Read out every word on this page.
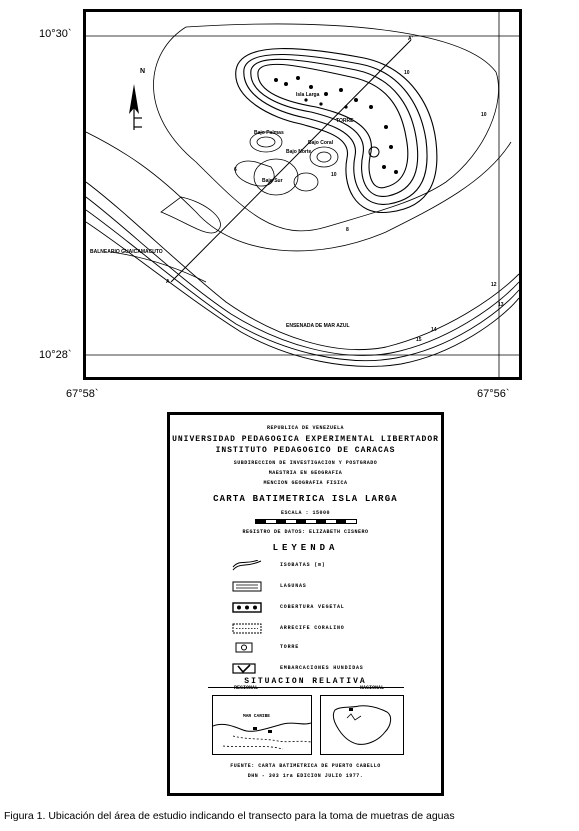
10°30`
10°28`
67°58`	67°56`
N
Isla Larga
TORRE
Bajo Palmas
Bajo Coral
Bajo Norte
Bajo Sur
BALNEARIO GUAICAMACUTO
ENSENADA DE MAR AZUL
A
A'
10
10
12
13
14
15
6
8
10
REPUBLICA DE VENEZUELA
UNIVERSIDAD PEDAGOGICA EXPERIMENTAL LIBERTADOR
INSTITUTO PEDAGOGICO DE CARACAS
SUBDIRECCION DE INVESTIGACION Y POSTGRADO
MAESTRIA EN GEOGRAFIA
MENCION GEOGRAFIA FISICA
CARTA BATIMETRICA ISLA LARGA
ESCALA : 15000
REGISTRO DE DATOS: ELIZABETH CISNERO
LEYENDA
ISOBATAS (m)
LAGUNAS
COBERTURA VEGETAL
ARRECIFE CORALINO
TORRE
EMBARCACIONES HUNDIDAS
SITUACION RELATIVA
REGIONAL	NACIONAL
MAR CARIBE
FUENTE: CARTA BATIMETRICA DE PUERTO CABELLO
DHN - 303 1ra EDICION JULIO 1977.
Figura 1. Ubicación del área de estudio indicando el transecto para la toma de muetras de aguas
